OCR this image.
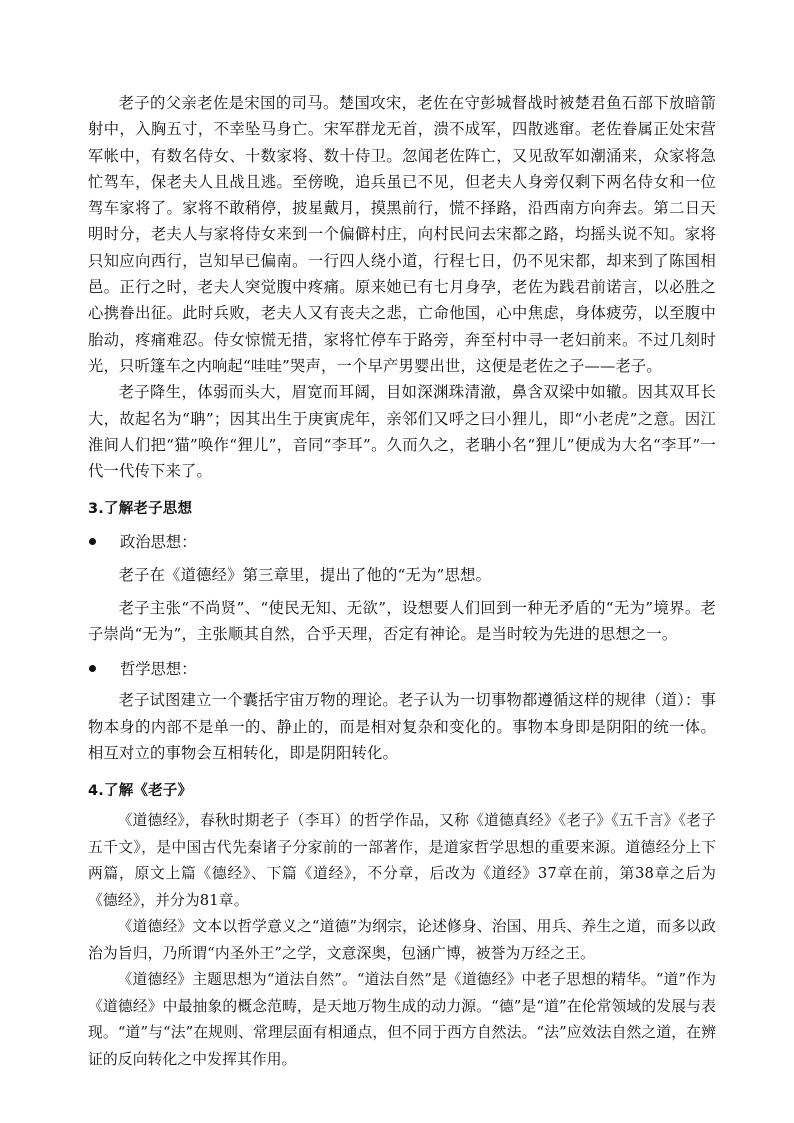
老子的父亲老佐是宋国的司马。楚国攻宋，老佐在守彭城督战时被楚君鱼石部下放暗箭射中，入胸五寸，不幸坠马身亡。宋军群龙无首，溃不成军，四散逃窜。老佐眷属正处宋营军帐中，有数名侍女、十数家将、数十侍卫。忽闻老佐阵亡，又见敌军如潮涌来，众家将急忙驾车，保老夫人且战且逃。至傍晚，追兵虽已不见，但老夫人身旁仅剩下两名侍女和一位驾车家将了。家将不敢稍停，披星戴月，摸黑前行，慌不择路，沿西南方向奔去。第二日天明时分，老夫人与家将侍女来到一个偏僻村庄，向村民问去宋都之路，均摇头说不知。家将只知应向西行，岂知早已偏南。一行四人绕小道，行程七日，仍不见宋都，却来到了陈国相邑。正行之时，老夫人突觉腹中疼痛。原来她已有七月身孕，老佐为践君前诺言，以必胜之心携眷出征。此时兵败，老夫人又有丧夫之悲，亡命他国，心中焦虑，身体疲劳，以至腹中胎动，疼痛难忍。侍女惊慌无措，家将忙停车于路旁，奔至村中寻一老妇前来。不过几刻时光，只听篷车之内响起“哇哇”哭声，一个早产男婴出世，这便是老佐之子——老子。

老子降生，体弱而头大，眉宽而耳阔，目如深渊珠清澈，鼻含双梁中如辙。因其双耳长大，故起名为“聃”；因其出生于庚寅虎年，亲邻们又呼之曰小狸儿，即“小老虎”之意。因江淮间人们把“猫”唤作“狸儿”，音同“李耳”。久而久之，老聃小名“狸儿”便成为大名“李耳”一代一代传下来了。

3.了解老子思想
政治思想：

老子在《道德经》第三章里，提出了他的“无为”思想。

老子主张“不尚贤”、“使民无知、无欲”，设想要人们回到一种无矛盾的“无为”境界。老子崇尚“无为”，主张顺其自然，合乎天理，否定有神论。是当时较为先进的思想之一。

哲学思想：

老子试图建立一个囊括宇宙万物的理论。老子认为一切事物都遵循这样的规律（道）：事物本身的内部不是单一的、静止的，而是相对复杂和变化的。事物本身即是阴阳的统一体。相互对立的事物会互相转化，即是阴阳转化。

4.了解《老子》

《道德经》，春秋时期老子（李耳）的哲学作品，又称《道德真经》《老子》《五千言》《老子五千文》，是中国古代先秦诸子分家前的一部著作，是道家哲学思想的重要来源。道德经分上下两篇，原文上篇《德经》、下篇《道经》，不分章，后改为《道经》37章在前，第38章之后为《德经》，并分为81章。

《道德经》文本以哲学意义之“道德”为纲宗，论述修身、治国、用兵、养生之道，而多以政治为旨归，乃所谓“内圣外王”之学，文意深奥，包涵广博，被誉为万经之王。

《道德经》主题思想为“道法自然”。“道法自然”是《道德经》中老子思想的精华。“道”作为《道德经》中最抽象的概念范畴，是天地万物生成的动力源。“德”是“道”在伦常领域的发展与表现。“道”与“法”在规则、常理层面有相通点，但不同于西方自然法。“法”应效法自然之道，在辨证的反向转化之中发挥其作用。
